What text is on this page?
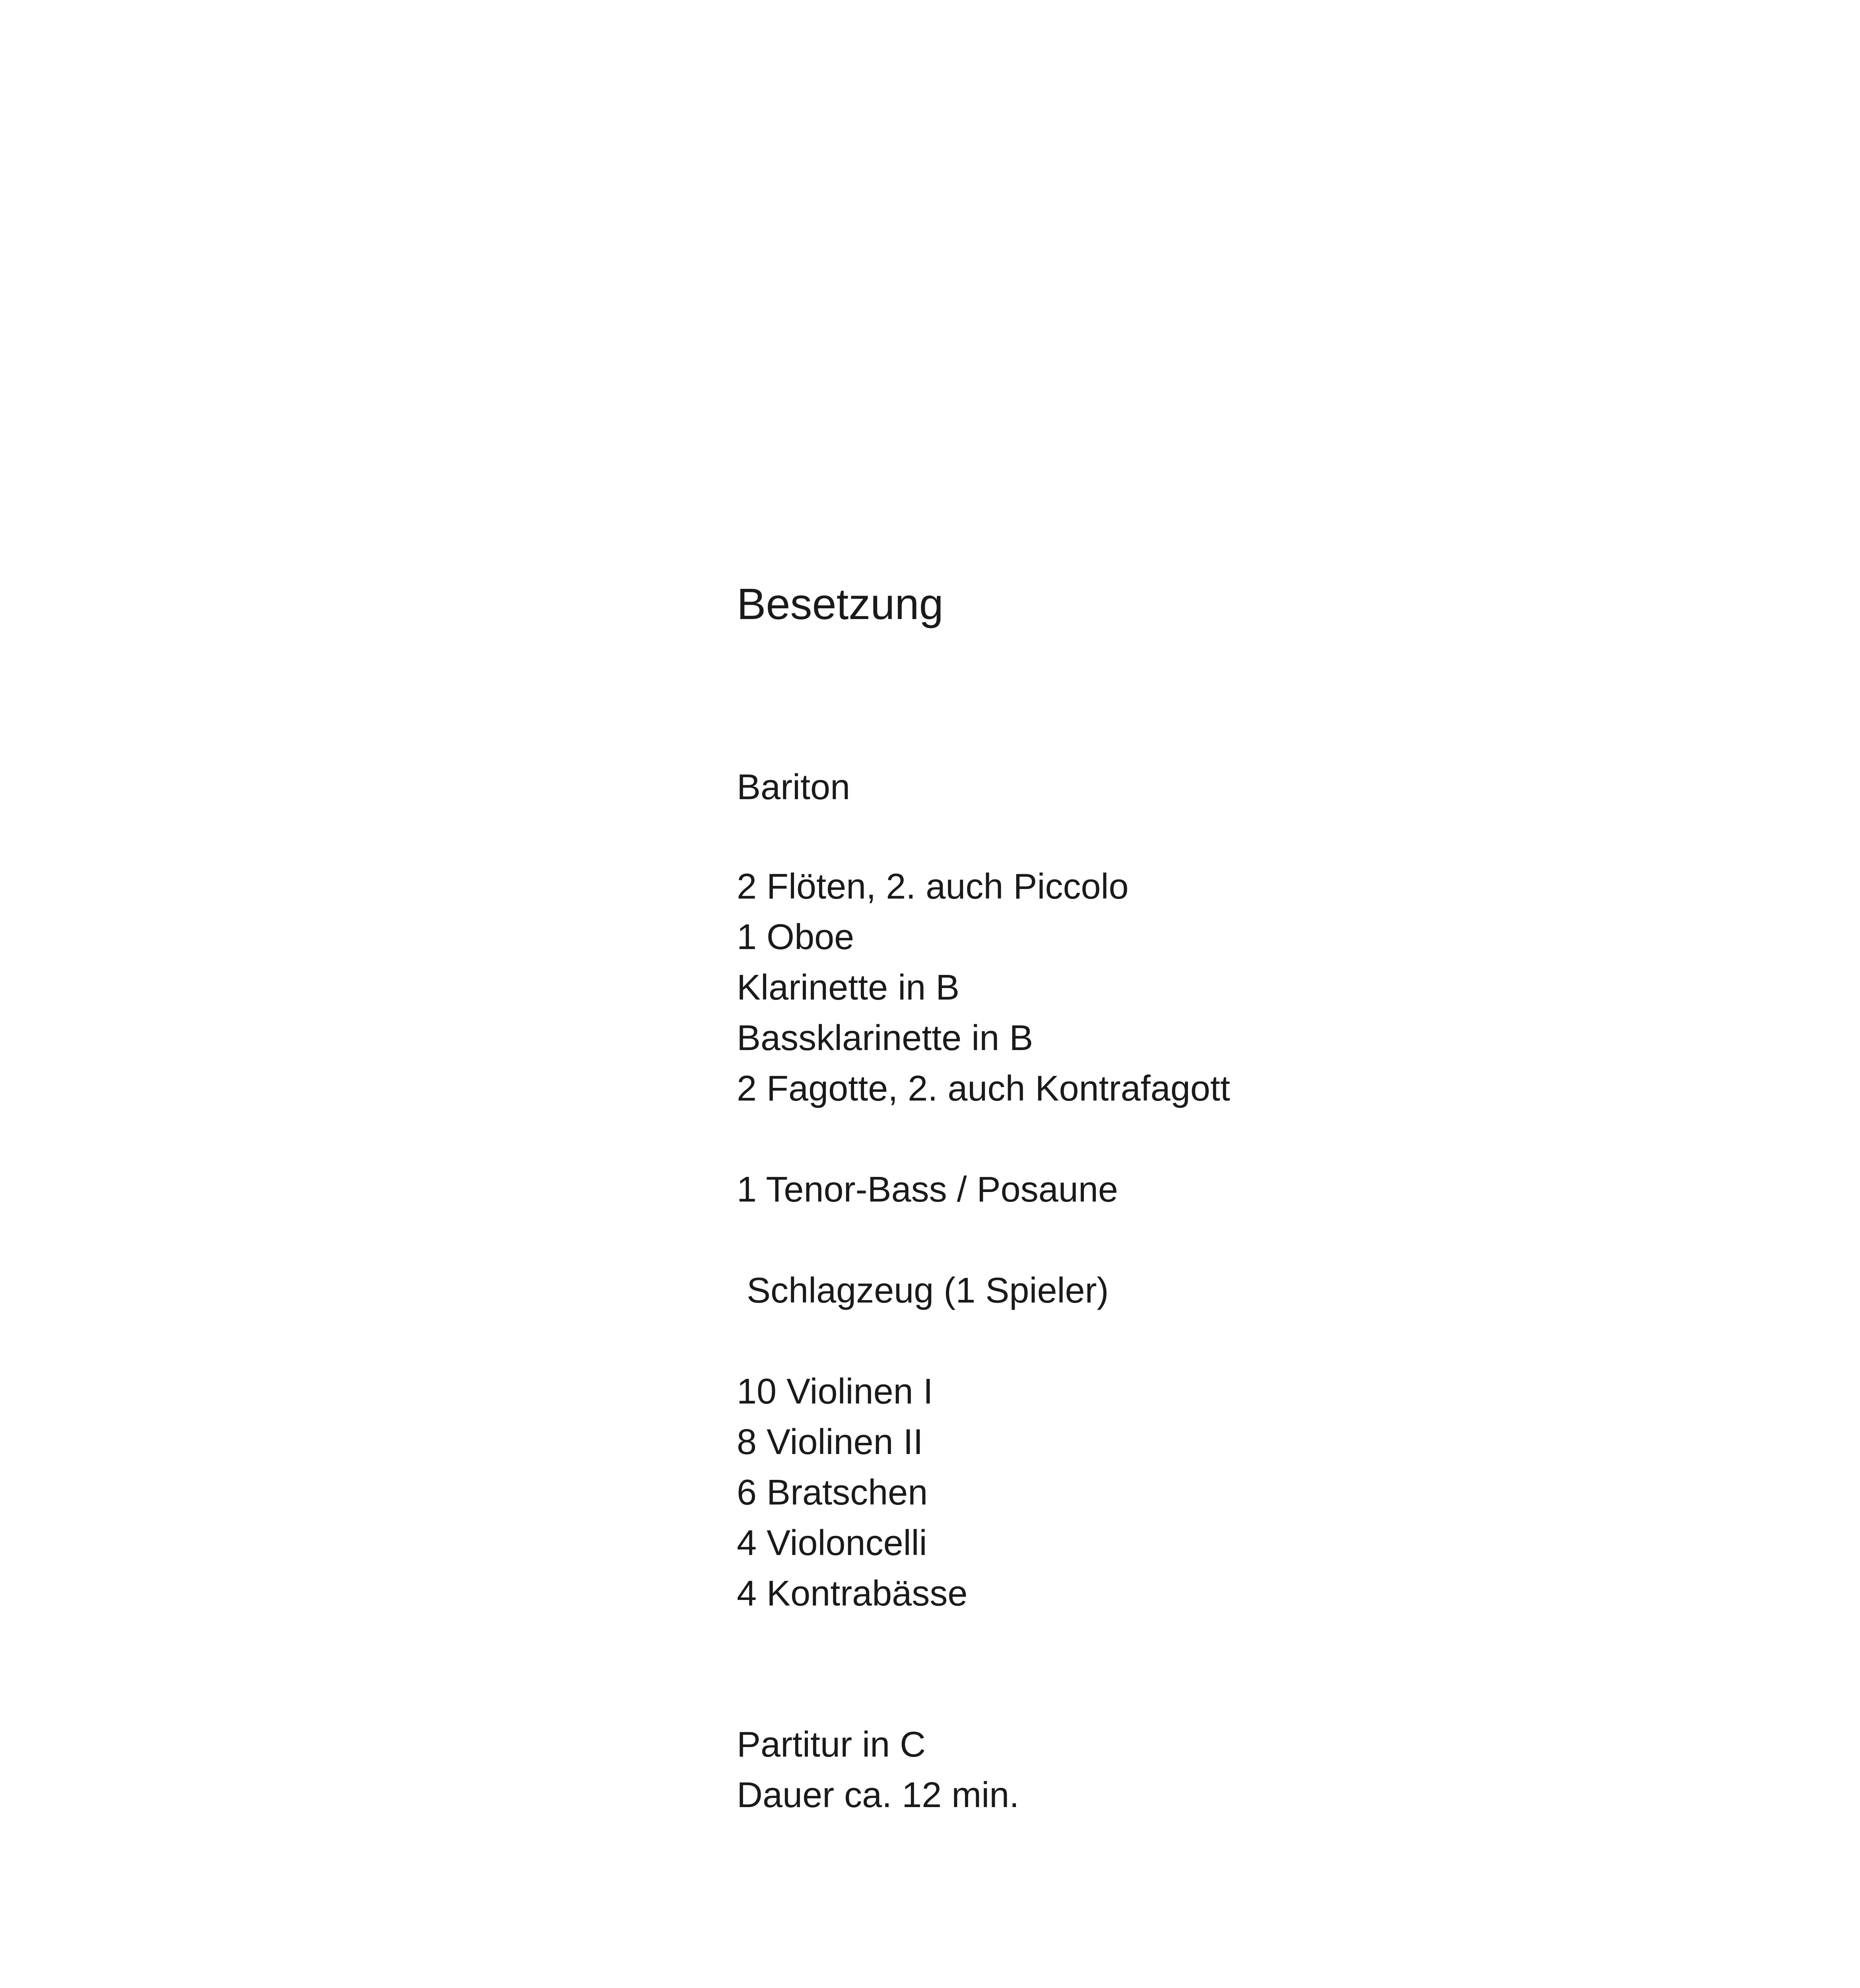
Besetzung
Bariton
2 Flöten, 2. auch Piccolo
1 Oboe
Klarinette in B
Bassklarinette in B
2 Fagotte, 2. auch Kontrafagott
1 Tenor-Bass / Posaune
Schlagzeug (1 Spieler)
10 Violinen I
8 Violinen II
6 Bratschen
4 Violoncelli
4 Kontrabässe
Partitur in C
Dauer ca. 12 min.
